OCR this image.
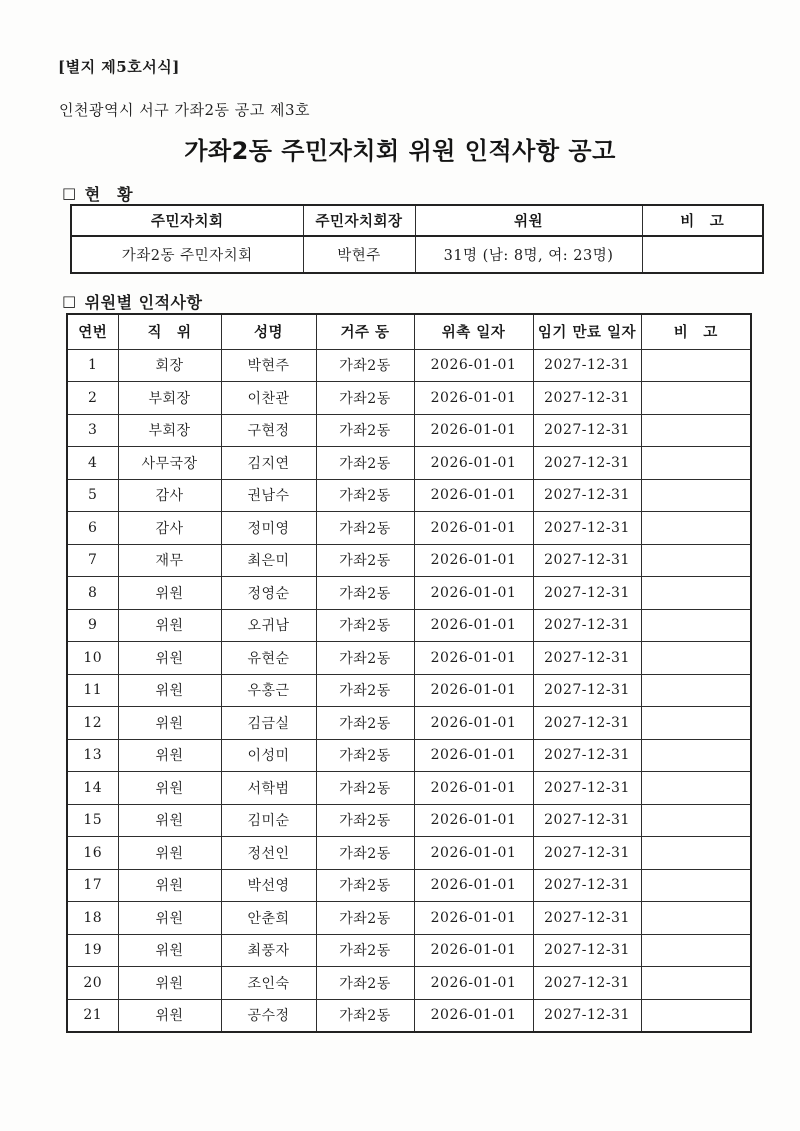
[별지 제5호서식]
인천광역시 서구 가좌2동 공고 제3호
가좌2동 주민자치회 위원 인적사항 공고
□ 현　황
주민자치회	주민자치회장	위원	비　고
가좌2동 주민자치회	박현주	31명 (남: 8명, 여: 23명)	
□ 위원별 인적사항
연번	직　위	성명	거주 동	위촉 일자	임기 만료 일자	비　고
1	회장	박현주	가좌2동	2026-01-01	2027-12-31	
2	부회장	이찬관	가좌2동	2026-01-01	2027-12-31	
3	부회장	구현정	가좌2동	2026-01-01	2027-12-31	
4	사무국장	김지연	가좌2동	2026-01-01	2027-12-31	
5	감사	권남수	가좌2동	2026-01-01	2027-12-31	
6	감사	정미영	가좌2동	2026-01-01	2027-12-31	
7	재무	최은미	가좌2동	2026-01-01	2027-12-31	
8	위원	정영순	가좌2동	2026-01-01	2027-12-31	
9	위원	오귀남	가좌2동	2026-01-01	2027-12-31	
10	위원	유현순	가좌2동	2026-01-01	2027-12-31	
11	위원	우홍근	가좌2동	2026-01-01	2027-12-31	
12	위원	김금실	가좌2동	2026-01-01	2027-12-31	
13	위원	이성미	가좌2동	2026-01-01	2027-12-31	
14	위원	서학범	가좌2동	2026-01-01	2027-12-31	
15	위원	김미순	가좌2동	2026-01-01	2027-12-31	
16	위원	정선인	가좌2동	2026-01-01	2027-12-31	
17	위원	박선영	가좌2동	2026-01-01	2027-12-31	
18	위원	안춘희	가좌2동	2026-01-01	2027-12-31	
19	위원	최풍자	가좌2동	2026-01-01	2027-12-31	
20	위원	조인숙	가좌2동	2026-01-01	2027-12-31	
21	위원	공수정	가좌2동	2026-01-01	2027-12-31	
